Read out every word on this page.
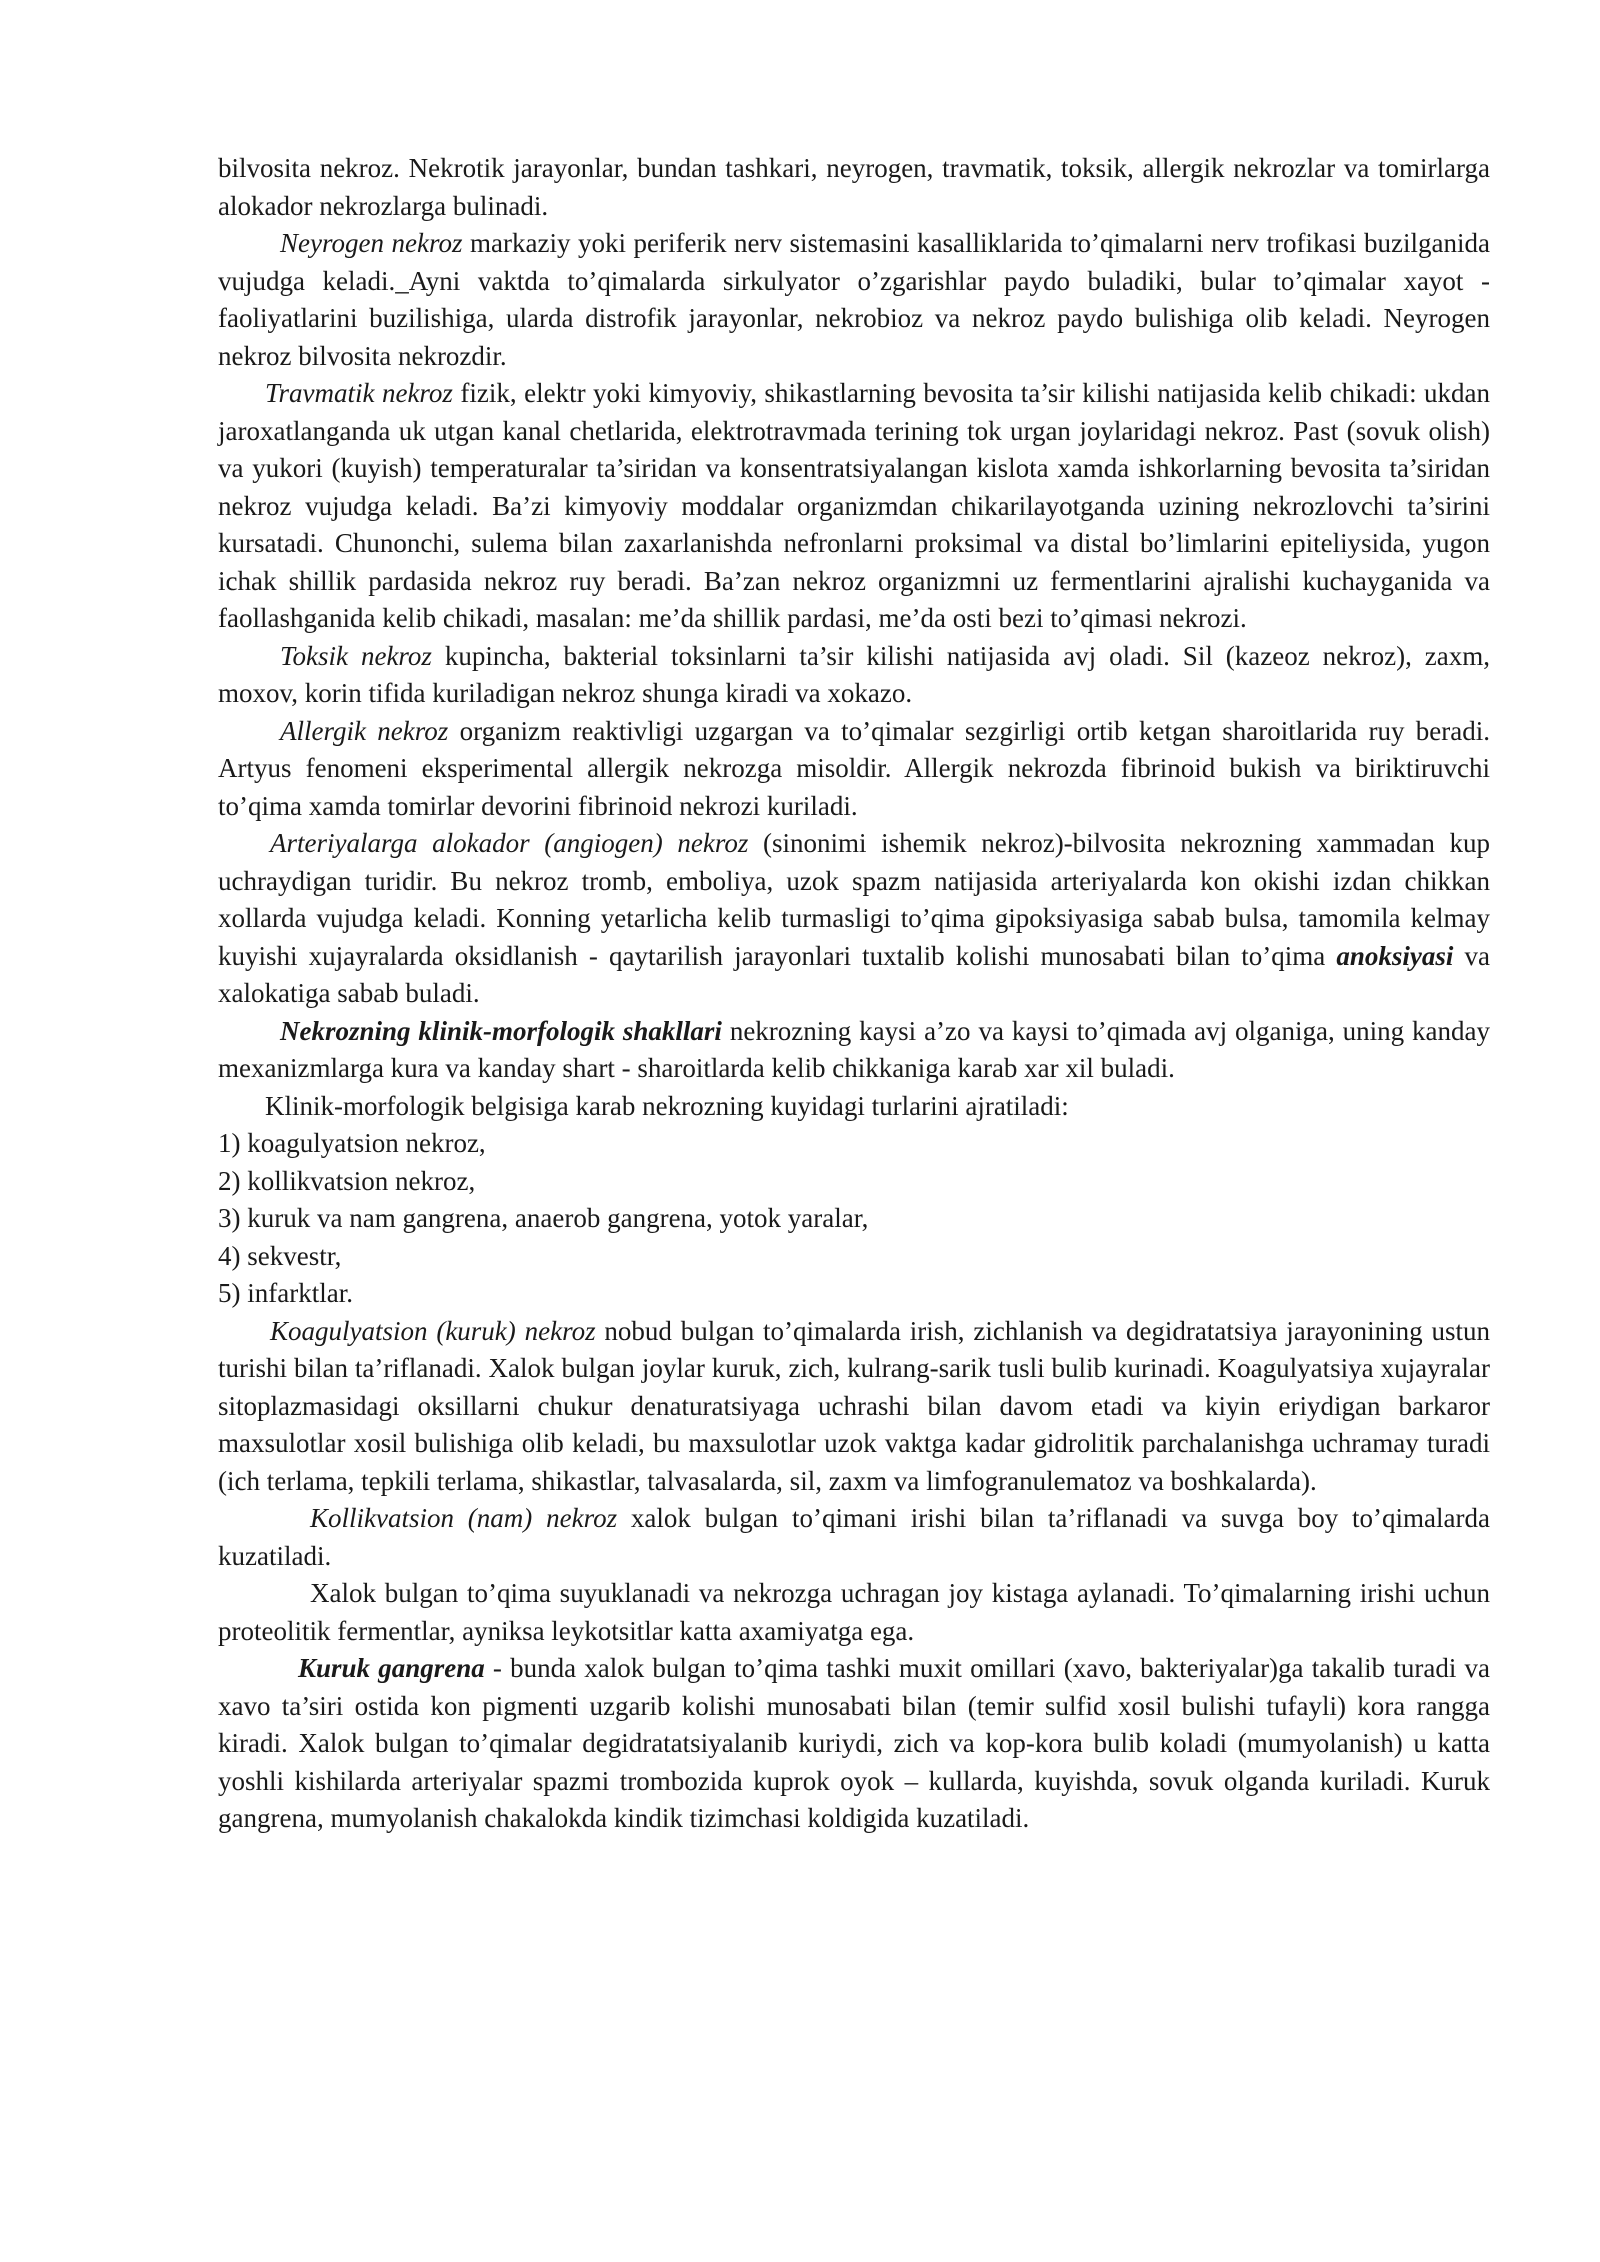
bilvosita nekroz. Nekrotik jarayonlar, bundan tashkari, neyrogen, travmatik, toksik, allergik nekrozlar va tomirlarga alokador nekrozlarga bulinadi.

Neyrogen nekroz markaziy yoki periferik nerv sistemasini kasalliklarida to’qimalarni nerv trofikasi buzilganida vujudga keladi._Ayni vaktda to’qimalarda sirkulyator o’zgarishlar paydo buladiki, bular to’qimalar xayot - faoliyatlarini buzilishiga, ularda distrofik jarayonlar, nekrobioz va nekroz paydo bulishiga olib keladi. Neyrogen nekroz bilvosita nekrozdir.

Travmatik nekroz fizik, elektr yoki kimyoviy, shikastlarning bevosita ta’sir kilishi natijasida kelib chikadi: ukdan jaroxatlanganda uk utgan kanal chetlarida, elektrotravmada terining tok urgan joylaridagi nekroz. Past (sovuk olish) va yukori (kuyish) temperaturalar ta’siridan va konsentratsiyalangan kislota xamda ishkorlarning bevosita ta’siridan nekroz vujudga keladi. Ba’zi kimyoviy moddalar organizmdan chikarilayotganda uzining nekrozlovchi ta’sirini kursatadi. Chunonchi, sulema bilan zaxarlanishda nefronlarni proksimal va distal bo’limlarini epiteliysida, yugon ichak shillik pardasida nekroz ruy beradi. Ba’zan nekroz organizmni uz fermentlarini ajralishi kuchayganida va faollashganida kelib chikadi, masalan: me’da shillik pardasi, me’da osti bezi to’qimasi nekrozi.

Toksik nekroz kupincha, bakterial toksinlarni ta’sir kilishi natijasida avj oladi. Sil (kazeoz nekroz), zaxm, moxov, korin tifida kuriladigan nekroz shunga kiradi va xokazo.

Allergik nekroz organizm reaktivligi uzgargan va to’qimalar sezgirligi ortib ketgan sharoitlarida ruy beradi. Artyus fenomeni eksperimental allergik nekrozga misoldir. Allergik nekrozda fibrinoid bukish va biriktiruvchi to’qima xamda tomirlar devorini fibrinoid nekrozi kuriladi.

Arteriyalarga alokador (angiogen) nekroz (sinonimi ishemik nekroz)-bilvosita nekrozning xammadan kup uchraydigan turidir. Bu nekroz tromb, emboliya, uzok spazm natijasida arteriyalarda kon okishi izdan chikkan xollarda vujudga keladi. Konning yetarlicha kelib turmasligi to’qima gipoksiyasiga sabab bulsa, tamomila kelmay kuyishi xujayralarda oksidlanish - qaytarilish jarayonlari tuxtalib kolishi munosabati bilan to’qima anoksiyasi va xalokatiga sabab buladi.

Nekrozning klinik-morfologik shakllari nekrozning kaysi a’zo va kaysi to’qimada avj olganiga, uning kanday mexanizmlarga kura va kanday shart - sharoitlarda kelib chikkaniga karab xar xil buladi.

Klinik-morfologik belgisiga karab nekrozning kuyidagi turlarini ajratiladi:

1) koagulyatsion nekroz,

2) kollikvatsion nekroz,

3) kuruk va nam gangrena, anaerob gangrena, yotok yaralar,

4) sekvestr,

5) infarktlar.

Koagulyatsion (kuruk) nekroz nobud bulgan to’qimalarda irish, zichlanish va degidratatsiya jarayonining ustun turishi bilan ta’riflanadi. Xalok bulgan joylar kuruk, zich, kulrang-sarik tusli bulib kurinadi. Koagulyatsiya xujayralar sitoplazmasidagi oksillarni chukur denaturatsiyaga uchrashi bilan davom etadi va kiyin eriydigan barkaror maxsulotlar xosil bulishiga olib keladi, bu maxsulotlar uzok vaktga kadar gidrolitik parchalanishga uchramay turadi (ich terlama, tepkili terlama, shikastlar, talvasalarda, sil, zaxm va limfogranulematoz va boshkalarda).

Kollikvatsion (nam) nekroz xalok bulgan to’qimani irishi bilan ta’riflanadi va suvga boy to’qimalarda kuzatiladi.

Xalok bulgan to’qima suyuklanadi va nekrozga uchragan joy kistaga aylanadi. To’qimalarning irishi uchun proteolitik fermentlar, ayniksa leykotsitlar katta axamiyatga ega.

Kuruk gangrena - bunda xalok bulgan to’qima tashki muxit omillari (xavo, bakteriyalar)ga takalib turadi va xavo ta’siri ostida kon pigmenti uzgarib kolishi munosabati bilan (temir sulfid xosil bulishi tufayli) kora rangga kiradi. Xalok bulgan to’qimalar degidratatsiyalanib kuriydi, zich va kop-kora bulib koladi (mumyolanish) u katta yoshli kishilarda arteriyalar spazmi trombozida kuprok oyok – kullarda, kuyishda, sovuk olganda kuriladi. Kuruk gangrena, mumyolanish chakalokda kindik tizimchasi koldigida kuzatiladi.
